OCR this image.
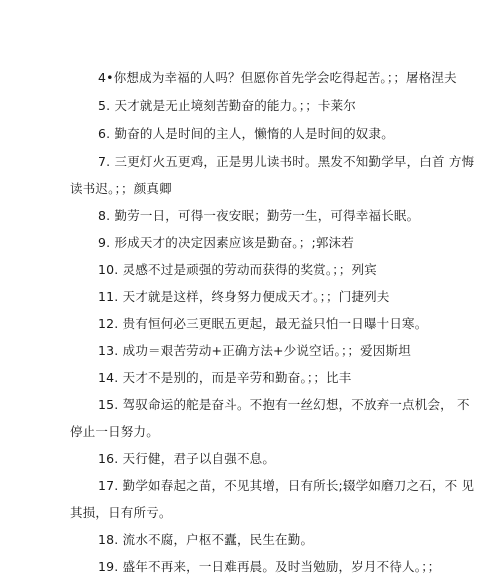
4•你想成为幸福的人吗？但愿你首先学会吃得起苦。；；屠格涅夫
5. 天才就是无止境刻苦勤奋的能力。；；卡莱尔
6. 勤奋的人是时间的主人，懒惰的人是时间的奴隶。
7. 三更灯火五更鸡，正是男儿读书时。黑发不知勤学早，白首 方悔
读书迟。；；颜真卿
8. 勤劳一日，可得一夜安眠；勤劳一生，可得幸福长眠。
9. 形成天才的决定因素应该是勤奋。；;郭沫若
10. 灵感不过是顽强的劳动而获得的奖赏。；；列宾
11. 天才就是这样，终身努力便成天才。；；门捷列夫
12. 贵有恒何必三更眠五更起，最无益只怕一日曝十日寒。
13. 成功＝艰苦劳动+正确方法+少说空话。；；爱因斯坦
14. 天才不是别的，而是辛劳和勤奋。；；比丰
15. 驾驭命运的舵是奋斗。不抱有一丝幻想，不放弃一点机会， 不
停止一日努力。
16. 天行健，君子以自强不息。
17. 勤学如春起之苗，不见其增，日有所长;辍学如磨刀之石，不 见
其损，日有所亏。
18. 流水不腐，户枢不蠹，民生在勤。
19. 盛年不再来，一日难再晨。及时当勉励，岁月不待人。；；
